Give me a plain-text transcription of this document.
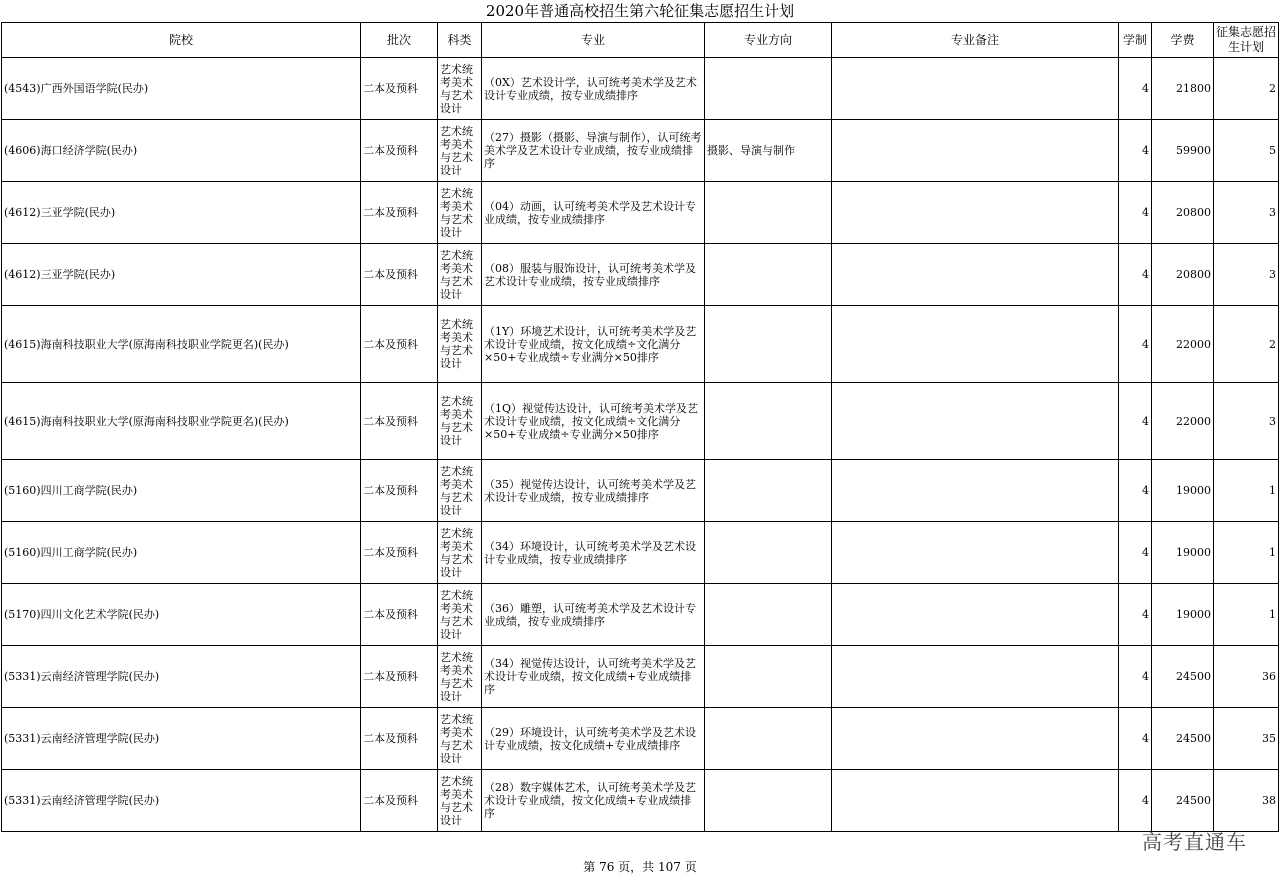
2020年普通高校招生第六轮征集志愿招生计划
院校	批次	科类	专业	专业方向	专业备注	学制	学费	征集志愿招生计划
(4543)广西外国语学院(民办)	二本及预科	艺术统考美术与艺术设计	（0X）艺术设计学，认可统考美术学及艺术设计专业成绩，按专业成绩排序			4	21800	2
(4606)海口经济学院(民办)	二本及预科	艺术统考美术与艺术设计	（27）摄影（摄影、导演与制作），认可统考美术学及艺术设计专业成绩，按专业成绩排序	摄影、导演与制作		4	59900	5
(4612)三亚学院(民办)	二本及预科	艺术统考美术与艺术设计	（04）动画，认可统考美术学及艺术设计专业成绩，按专业成绩排序			4	20800	3
(4612)三亚学院(民办)	二本及预科	艺术统考美术与艺术设计	（08）服装与服饰设计，认可统考美术学及艺术设计专业成绩，按专业成绩排序			4	20800	3
(4615)海南科技职业大学(原海南科技职业学院更名)(民办)	二本及预科	艺术统考美术与艺术设计	（1Y）环境艺术设计，认可统考美术学及艺术设计专业成绩，按文化成绩÷文化满分×50+专业成绩÷专业满分×50排序			4	22000	2
(4615)海南科技职业大学(原海南科技职业学院更名)(民办)	二本及预科	艺术统考美术与艺术设计	（1Q）视觉传达设计，认可统考美术学及艺术设计专业成绩，按文化成绩÷文化满分×50+专业成绩÷专业满分×50排序			4	22000	3
(5160)四川工商学院(民办)	二本及预科	艺术统考美术与艺术设计	（35）视觉传达设计，认可统考美术学及艺术设计专业成绩，按专业成绩排序			4	19000	1
(5160)四川工商学院(民办)	二本及预科	艺术统考美术与艺术设计	（34）环境设计，认可统考美术学及艺术设计专业成绩，按专业成绩排序			4	19000	1
(5170)四川文化艺术学院(民办)	二本及预科	艺术统考美术与艺术设计	（36）雕塑，认可统考美术学及艺术设计专业成绩，按专业成绩排序			4	19000	1
(5331)云南经济管理学院(民办)	二本及预科	艺术统考美术与艺术设计	（34）视觉传达设计，认可统考美术学及艺术设计专业成绩，按文化成绩+专业成绩排序			4	24500	36
(5331)云南经济管理学院(民办)	二本及预科	艺术统考美术与艺术设计	（29）环境设计，认可统考美术学及艺术设计专业成绩，按文化成绩+专业成绩排序			4	24500	35
(5331)云南经济管理学院(民办)	二本及预科	艺术统考美术与艺术设计	（28）数字媒体艺术，认可统考美术学及艺术设计专业成绩，按文化成绩+专业成绩排序			4	24500	38
高考直通车
第 76 页，共 107 页
